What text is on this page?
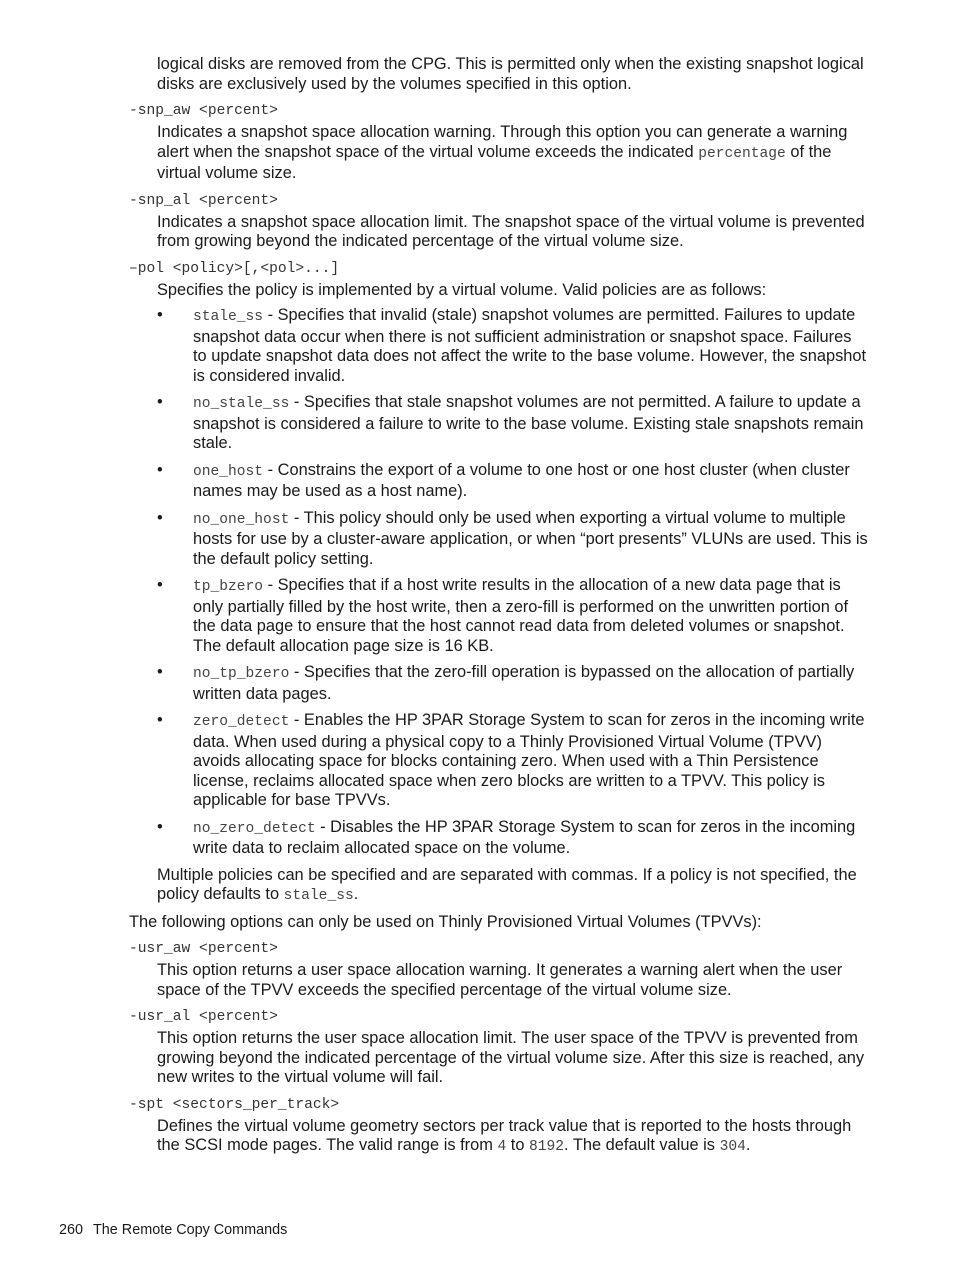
logical disks are removed from the CPG. This is permitted only when the existing snapshot logical disks are exclusively used by the volumes specified in this option.

-snp_aw <percent>

Indicates a snapshot space allocation warning. Through this option you can generate a warning alert when the snapshot space of the virtual volume exceeds the indicated percentage of the virtual volume size.

-snp_al <percent>

Indicates a snapshot space allocation limit. The snapshot space of the virtual volume is prevented from growing beyond the indicated percentage of the virtual volume size.

–pol <policy>[,<pol>...]

Specifies the policy is implemented by a virtual volume. Valid policies are as follows:

• stale_ss - Specifies that invalid (stale) snapshot volumes are permitted. Failures to update snapshot data occur when there is not sufficient administration or snapshot space. Failures to update snapshot data does not affect the write to the base volume. However, the snapshot is considered invalid.
• no_stale_ss - Specifies that stale snapshot volumes are not permitted. A failure to update a snapshot is considered a failure to write to the base volume. Existing stale snapshots remain stale.
• one_host - Constrains the export of a volume to one host or one host cluster (when cluster names may be used as a host name).
• no_one_host - This policy should only be used when exporting a virtual volume to multiple hosts for use by a cluster-aware application, or when “port presents” VLUNs are used. This is the default policy setting.
• tp_bzero - Specifies that if a host write results in the allocation of a new data page that is only partially filled by the host write, then a zero-fill is performed on the unwritten portion of the data page to ensure that the host cannot read data from deleted volumes or snapshot. The default allocation page size is 16 KB.
• no_tp_bzero - Specifies that the zero-fill operation is bypassed on the allocation of partially written data pages.
• zero_detect - Enables the HP 3PAR Storage System to scan for zeros in the incoming write data. When used during a physical copy to a Thinly Provisioned Virtual Volume (TPVV) avoids allocating space for blocks containing zero. When used with a Thin Persistence license, reclaims allocated space when zero blocks are written to a TPVV. This policy is applicable for base TPVVs.
• no_zero_detect - Disables the HP 3PAR Storage System to scan for zeros in the incoming write data to reclaim allocated space on the volume.

Multiple policies can be specified and are separated with commas. If a policy is not specified, the policy defaults to stale_ss.

The following options can only be used on Thinly Provisioned Virtual Volumes (TPVVs):

-usr_aw <percent>

This option returns a user space allocation warning. It generates a warning alert when the user space of the TPVV exceeds the specified percentage of the virtual volume size.

-usr_al <percent>

This option returns the user space allocation limit. The user space of the TPVV is prevented from growing beyond the indicated percentage of the virtual volume size. After this size is reached, any new writes to the virtual volume will fail.

-spt <sectors_per_track>

Defines the virtual volume geometry sectors per track value that is reported to the hosts through the SCSI mode pages. The valid range is from 4 to 8192. The default value is 304.

260 The Remote Copy Commands
